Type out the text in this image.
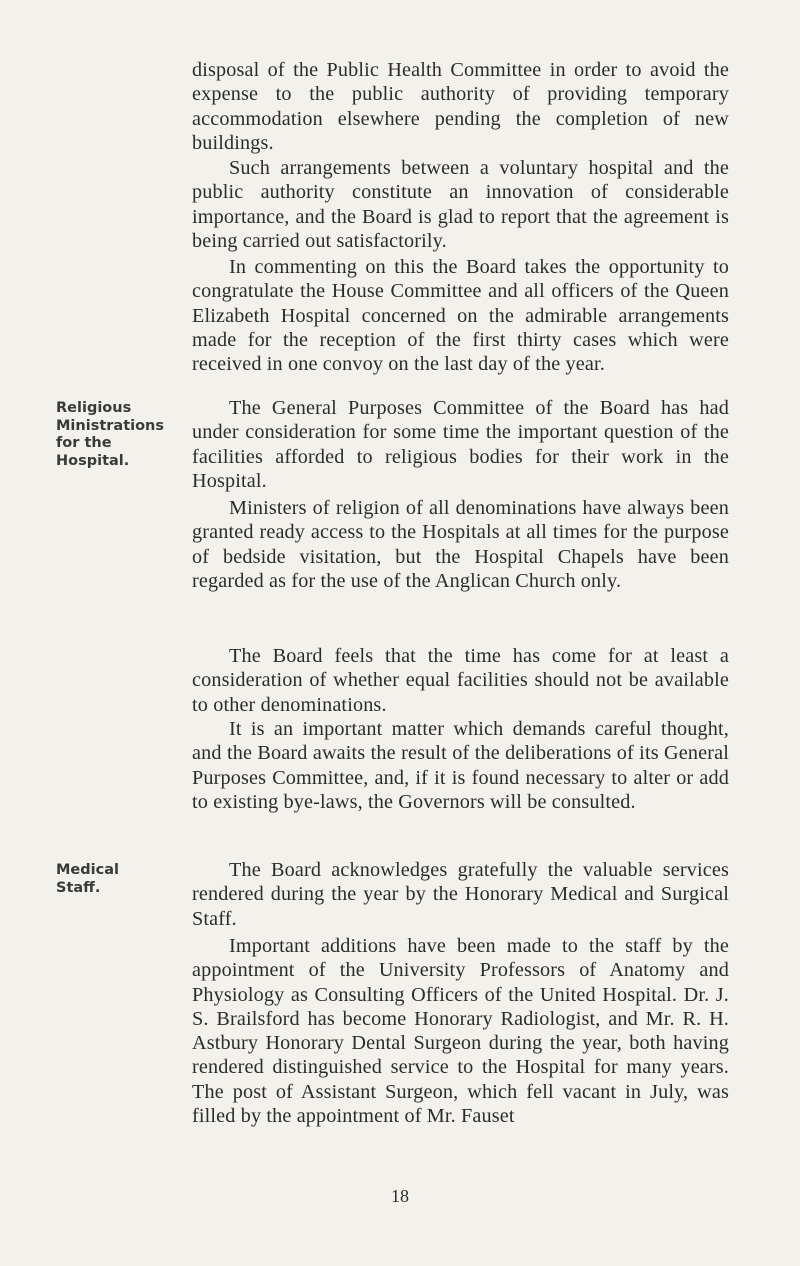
disposal of the Public Health Committee in order to avoid the expense to the public authority of providing temporary accommodation elsewhere pending the completion of new buildings.

Such arrangements between a voluntary hospital and the public authority constitute an innovation of considerable importance, and the Board is glad to report that the agreement is being carried out satisfactorily.

In commenting on this the Board takes the opportunity to congratulate the House Committee and all officers of the Queen Elizabeth Hospital concerned on the admirable arrangements made for the reception of the first thirty cases which were received in one convoy on the last day of the year.

Religious
Ministrations
for the
Hospital.

The General Purposes Committee of the Board has had under consideration for some time the important question of the facilities afforded to religious bodies for their work in the Hospital.

Ministers of religion of all denominations have always been granted ready access to the Hospitals at all times for the purpose of bedside visitation, but the Hospital Chapels have been regarded as for the use of the Anglican Church only.

The Board feels that the time has come for at least a consideration of whether equal facilities should not be available to other denominations.

It is an important matter which demands careful thought, and the Board awaits the result of the deliberations of its General Purposes Committee, and, if it is found necessary to alter or add to existing bye-laws, the Governors will be consulted.

Medical
Staff.

The Board acknowledges gratefully the valuable services rendered during the year by the Honorary Medical and Surgical Staff.

Important additions have been made to the staff by the appointment of the University Professors of Anatomy and Physiology as Consulting Officers of the United Hospital. Dr. J. S. Brailsford has become Honorary Radiologist, and Mr. R. H. Astbury Honorary Dental Surgeon during the year, both having rendered distinguished service to the Hospital for many years. The post of Assistant Surgeon, which fell vacant in July, was filled by the appointment of Mr. Fauset

18
